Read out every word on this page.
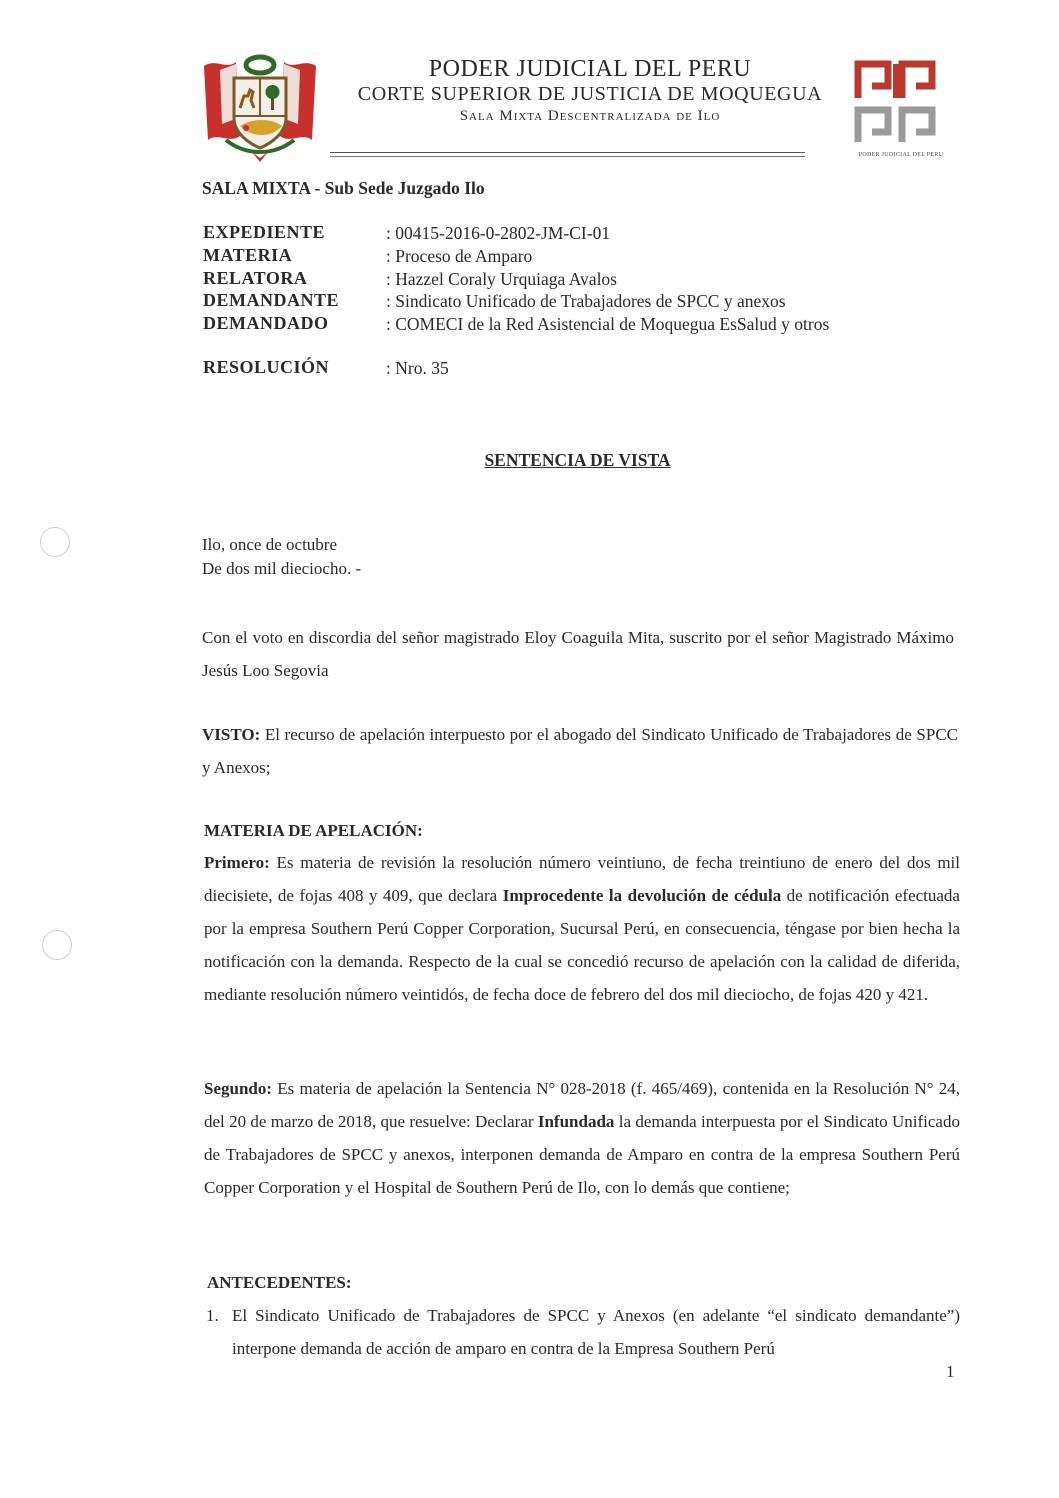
PODER JUDICIAL DEL PERU
CORTE SUPERIOR DE JUSTICIA DE MOQUEGUA
Sala Mixta Descentralizada de Ilo
PODER JUDICIAL DEL PERU
SALA MIXTA - Sub Sede Juzgado Ilo
EXPEDIENTE	: 00415-2016-0-2802-JM-CI-01
MATERIA	: Proceso de Amparo
RELATORA	: Hazzel Coraly Urquiaga Avalos
DEMANDANTE	: Sindicato Unificado de Trabajadores de SPCC y anexos
DEMANDADO	: COMECI de la Red Asistencial de Moquegua EsSalud y otros
RESOLUCIÓN	: Nro. 35
SENTENCIA DE VISTA
Ilo, once de octubre
De dos mil dieciocho. -
Con el voto en discordia del señor magistrado Eloy Coaguila Mita, suscrito por el señor Magistrado Máximo Jesús Loo Segovia
VISTO: El recurso de apelación interpuesto por el abogado del Sindicato Unificado de Trabajadores de SPCC y Anexos;
MATERIA DE APELACIÓN:
Primero: Es materia de revisión la resolución número veintiuno, de fecha treintiuno de enero del dos mil diecisiete, de fojas 408 y 409, que declara Improcedente la devolución de cédula de notificación efectuada por la empresa Southern Perú Copper Corporation, Sucursal Perú, en consecuencia, téngase por bien hecha la notificación con la demanda. Respecto de la cual se concedió recurso de apelación con la calidad de diferida, mediante resolución número veintidós, de fecha doce de febrero del dos mil dieciocho, de fojas 420 y 421.
Segundo: Es materia de apelación la Sentencia N° 028-2018 (f. 465/469), contenida en la Resolución N° 24, del 20 de marzo de 2018, que resuelve: Declarar Infundada la demanda interpuesta por el Sindicato Unificado de Trabajadores de SPCC y anexos, interponen demanda de Amparo en contra de la empresa Southern Perú Copper Corporation y el Hospital de Southern Perú de Ilo, con lo demás que contiene;
ANTECEDENTES:
1. El Sindicato Unificado de Trabajadores de SPCC y Anexos (en adelante “el sindicato demandante”) interpone demanda de acción de amparo en contra de la Empresa Southern Perú
1
